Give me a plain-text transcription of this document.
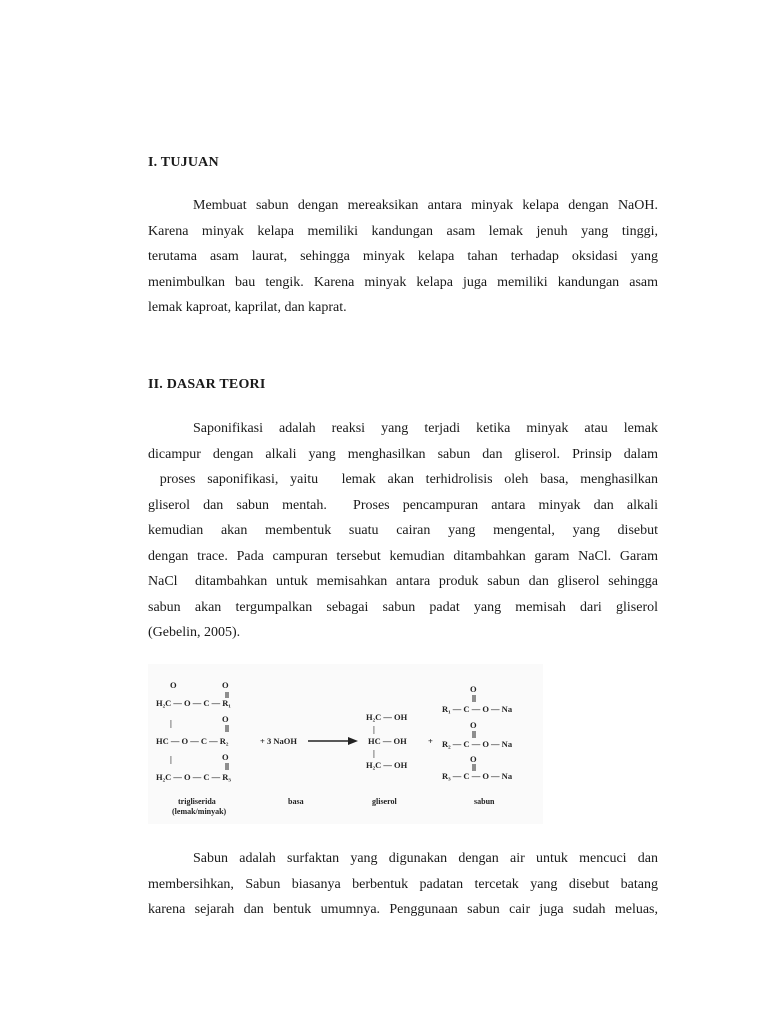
I. TUJUAN
Membuat sabun dengan mereaksikan antara minyak kelapa dengan NaOH.
Karena minyak kelapa memiliki kandungan asam lemak jenuh yang tinggi,
terutama asam laurat, sehingga minyak kelapa tahan terhadap oksidasi yang
menimbulkan bau tengik. Karena minyak kelapa juga memiliki kandungan asam
lemak kaproat, kaprilat, dan kaprat.
II. DASAR TEORI
Saponifikasi adalah reaksi yang terjadi ketika minyak atau lemak
dicampur dengan alkali yang menghasilkan sabun dan gliserol. Prinsip dalam
proses saponifikasi, yaitu  lemak akan terhidrolisis oleh basa, menghasilkan
gliserol dan sabun mentah.  Proses pencampuran antara minyak dan alkali
kemudian akan membentuk suatu cairan yang mengental, yang disebut
dengan trace. Pada campuran tersebut kemudian ditambahkan garam NaCl. Garam
NaCl  ditambahkan untuk memisahkan antara produk sabun dan gliserol sehingga
sabun akan tergumpalkan sebagai sabun padat yang memisah dari gliserol
(Gebelin, 2005).
O
H₂C — O — C — R₁
O
|	O
HC — O — C — R₂
|	O
H₂C — O — C — R₃
+ 3 NaOH
H₂C — OH
|
HC — OH
|
H₂C — OH
+
O
R₁ — C — O — Na
O
R₂ — C — O — Na
O
R₃ — C — O — Na
trigliserida
(lemak/minyak)
basa	gliserol	sabun
Sabun adalah surfaktan yang digunakan dengan air untuk mencuci dan
membersihkan, Sabun biasanya berbentuk padatan tercetak yang disebut batang
karena sejarah dan bentuk umumnya. Penggunaan sabun cair juga sudah meluas,
